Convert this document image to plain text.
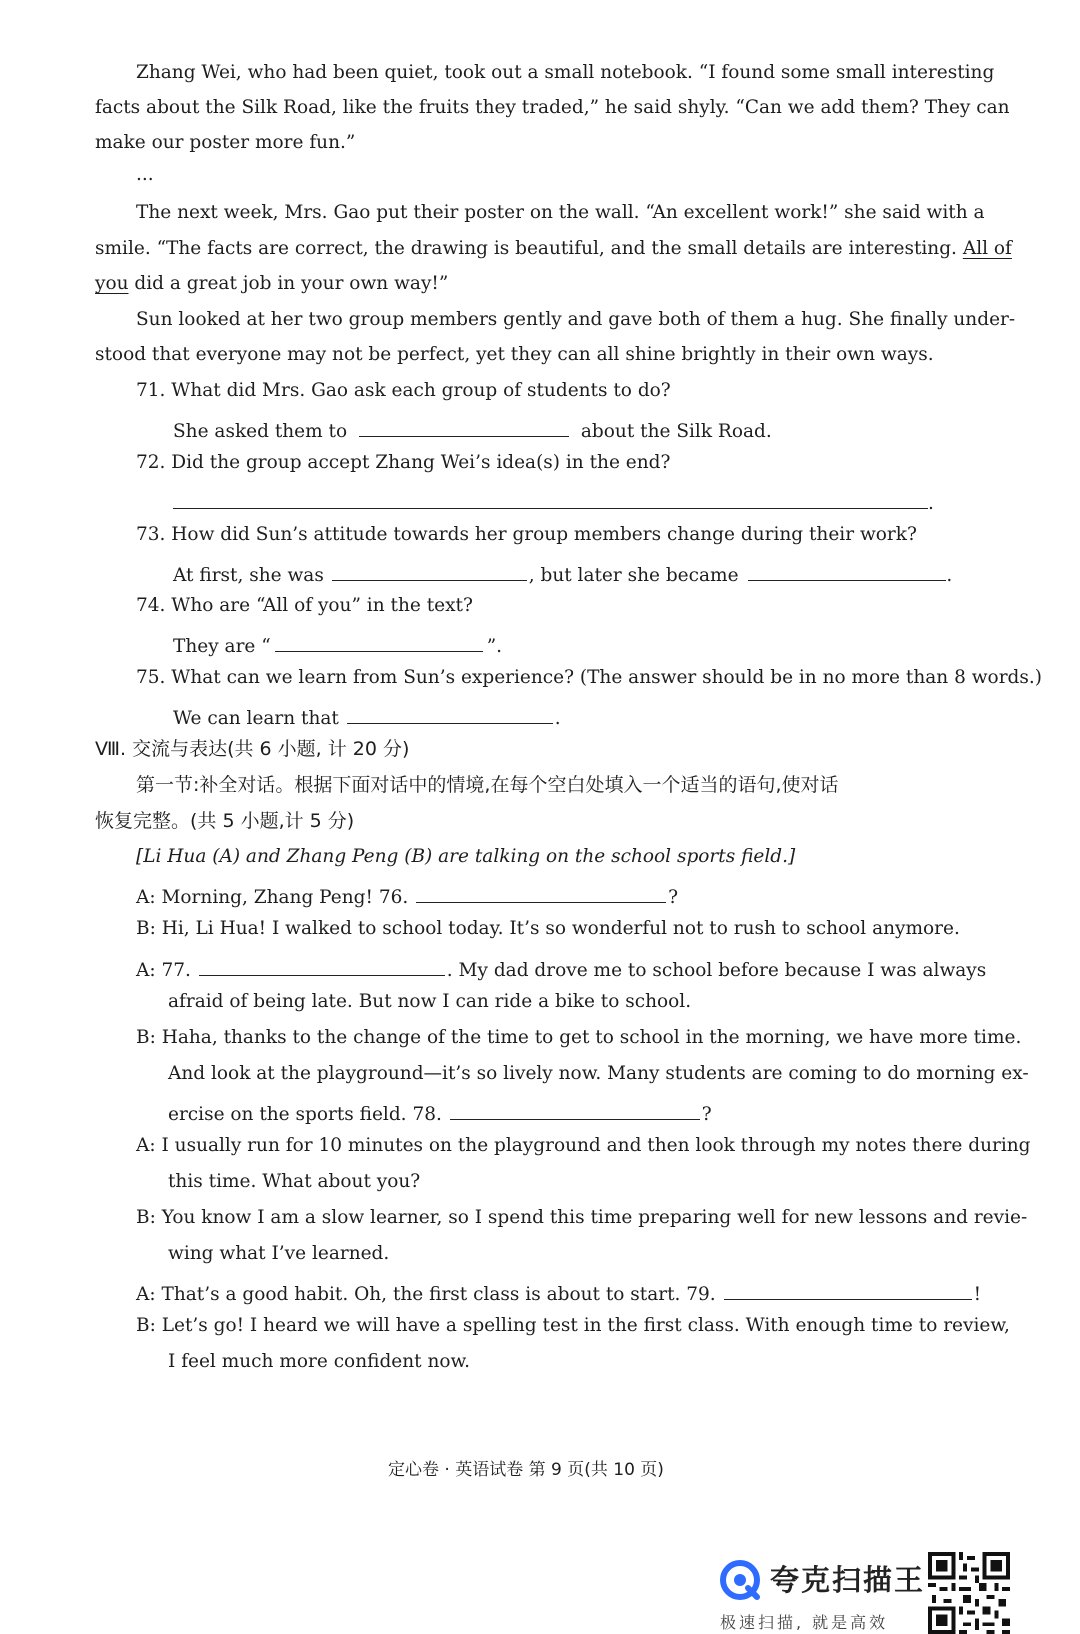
Zhang Wei, who had been quiet, took out a small notebook. “I found some small interesting
facts about the Silk Road, like the fruits they traded,” he said shyly. “Can we add them? They can
make our poster more fun.”
...
The next week, Mrs. Gao put their poster on the wall. “An excellent work!” she said with a
smile. “The facts are correct, the drawing is beautiful, and the small details are interesting. All of
you did a great job in your own way!”
Sun looked at her two group members gently and gave both of them a hug. She finally under-
stood that everyone may not be perfect, yet they can all shine brightly in their own ways.
71. What did Mrs. Gao ask each group of students to do?
She asked them to	about the Silk Road.
72. Did the group accept Zhang Wei’s idea(s) in the end?
.
73. How did Sun’s attitude towards her group members change during their work?
At first, she was	, but later she became	.
74. Who are “All of you” in the text?
They are “	”.
75. What can we learn from Sun’s experience? (The answer should be in no more than 8 words.)
We can learn that	.
Ⅷ. 交流与表达(共 6 小题, 计 20 分)
第一节:补全对话。根据下面对话中的情境,在每个空白处填入一个适当的语句,使对话
恢复完整。(共 5 小题,计 5 分)
[Li Hua (A) and Zhang Peng (B) are talking on the school sports field.]
A: Morning, Zhang Peng! 76.	?
B: Hi, Li Hua! I walked to school today. It’s so wonderful not to rush to school anymore.
A: 77.	. My dad drove me to school before because I was always
afraid of being late. But now I can ride a bike to school.
B: Haha, thanks to the change of the time to get to school in the morning, we have more time.
And look at the playground—it’s so lively now. Many students are coming to do morning ex-
ercise on the sports field. 78.	?
A: I usually run for 10 minutes on the playground and then look through my notes there during
this time. What about you?
B: You know I am a slow learner, so I spend this time preparing well for new lessons and revie-
wing what I’ve learned.
A: That’s a good habit. Oh, the first class is about to start. 79.	!
B: Let’s go! I heard we will have a spelling test in the first class. With enough time to review,
I feel much more confident now.
定心卷 · 英语试卷 第 9 页(共 10 页)
夸克扫描王
极速扫描, 就是高效
